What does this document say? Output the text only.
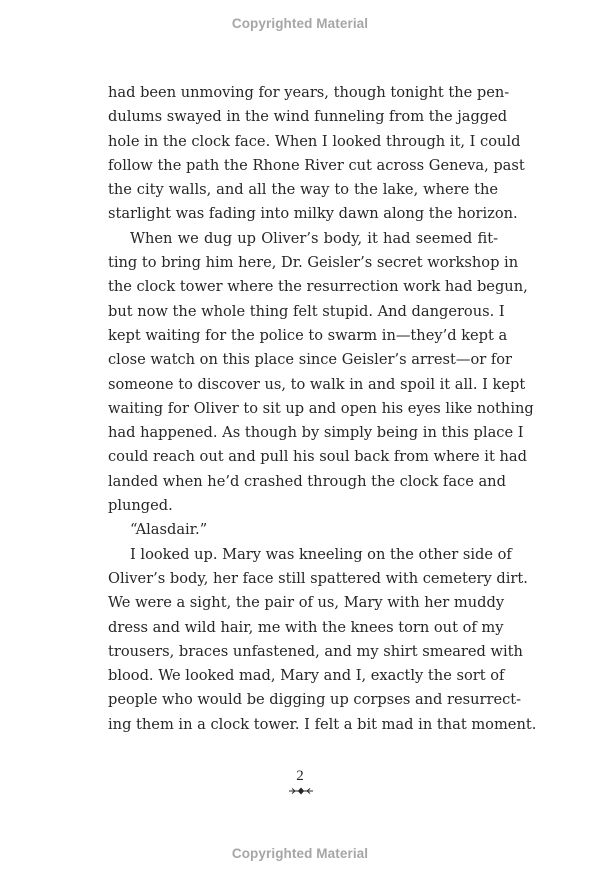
Copyrighted Material
had been unmoving for years, though tonight the pen-
dulums swayed in the wind funneling from the jagged
hole in the clock face. When I looked through it, I could
follow the path the Rhone River cut across Geneva, past
the city walls, and all the way to the lake, where the
starlight was fading into milky dawn along the horizon.
When we dug up Oliver’s body, it had seemed fit-
ting to bring him here, Dr. Geisler’s secret workshop in
the clock tower where the resurrection work had begun,
but now the whole thing felt stupid. And dangerous. I
kept waiting for the police to swarm in—they’d kept a
close watch on this place since Geisler’s arrest—or for
someone to discover us, to walk in and spoil it all. I kept
waiting for Oliver to sit up and open his eyes like nothing
had happened. As though by simply being in this place I
could reach out and pull his soul back from where it had
landed when he’d crashed through the clock face and
plunged.
“Alasdair.”
I looked up. Mary was kneeling on the other side of
Oliver’s body, her face still spattered with cemetery dirt.
We were a sight, the pair of us, Mary with her muddy
dress and wild hair, me with the knees torn out of my
trousers, braces unfastened, and my shirt smeared with
blood. We looked mad, Mary and I, exactly the sort of
people who would be digging up corpses and resurrect-
ing them in a clock tower. I felt a bit mad in that moment.
2
Copyrighted Material
